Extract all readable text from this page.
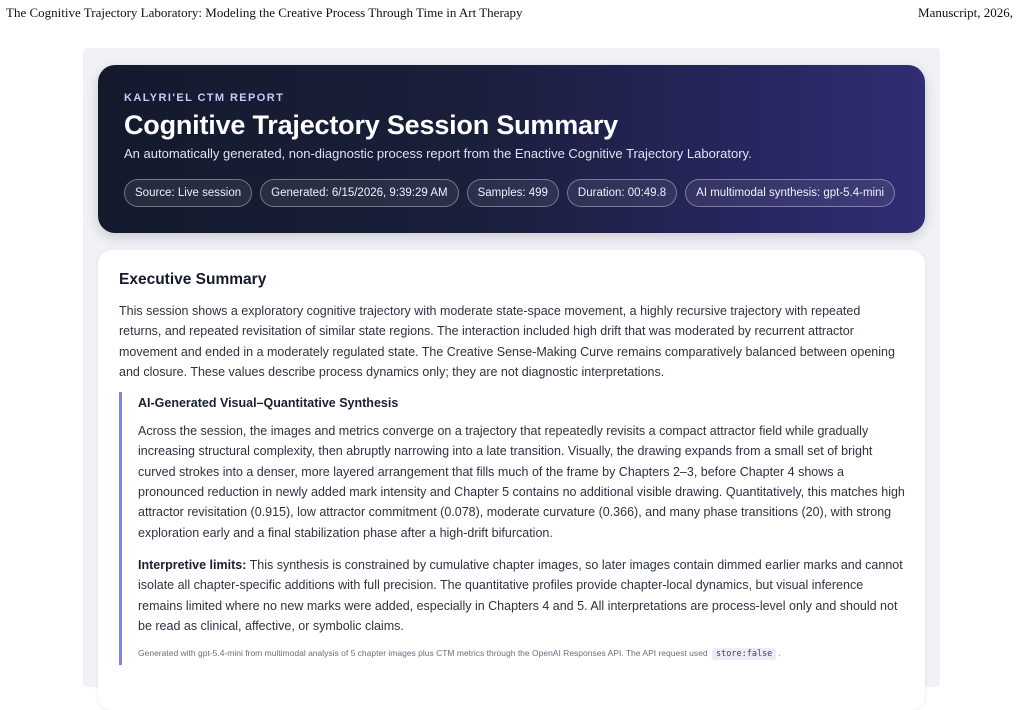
The Cognitive Trajectory Laboratory: Modeling the Creative Process Through Time in Art Therapy	Manuscript, 2026,
KALYRI'EL CTM REPORT
Cognitive Trajectory Session Summary

An automatically generated, non-diagnostic process report from the Enactive Cognitive Trajectory Laboratory.

Source: Live session	Generated: 6/15/2026, 9:39:29 AM	Samples: 499	Duration: 00:49.8	AI multimodal synthesis: gpt-5.4-mini
Executive Summary

This session shows a exploratory cognitive trajectory with moderate state-space movement, a highly recursive trajectory with repeated returns, and repeated revisitation of similar state regions. The interaction included high drift that was moderated by recurrent attractor movement and ended in a moderately regulated state. The Creative Sense-Making Curve remains comparatively balanced between opening and closure. These values describe process dynamics only; they are not diagnostic interpretations.

AI-Generated Visual–Quantitative Synthesis

Across the session, the images and metrics converge on a trajectory that repeatedly revisits a compact attractor field while gradually increasing structural complexity, then abruptly narrowing into a late transition. Visually, the drawing expands from a small set of bright curved strokes into a denser, more layered arrangement that fills much of the frame by Chapters 2–3, before Chapter 4 shows a pronounced reduction in newly added mark intensity and Chapter 5 contains no additional visible drawing. Quantitatively, this matches high attractor revisitation (0.915), low attractor commitment (0.078), moderate curvature (0.366), and many phase transitions (20), with strong exploration early and a final stabilization phase after a high-drift bifurcation.

Interpretive limits: This synthesis is constrained by cumulative chapter images, so later images contain dimmed earlier marks and cannot isolate all chapter-specific additions with full precision. The quantitative profiles provide chapter-local dynamics, but visual inference remains limited where no new marks were added, especially in Chapters 4 and 5. All interpretations are process-level only and should not be read as clinical, affective, or symbolic claims.

Generated with gpt-5.4-mini from multimodal analysis of 5 chapter images plus CTM metrics through the OpenAI Responses API. The API request used store:false .
